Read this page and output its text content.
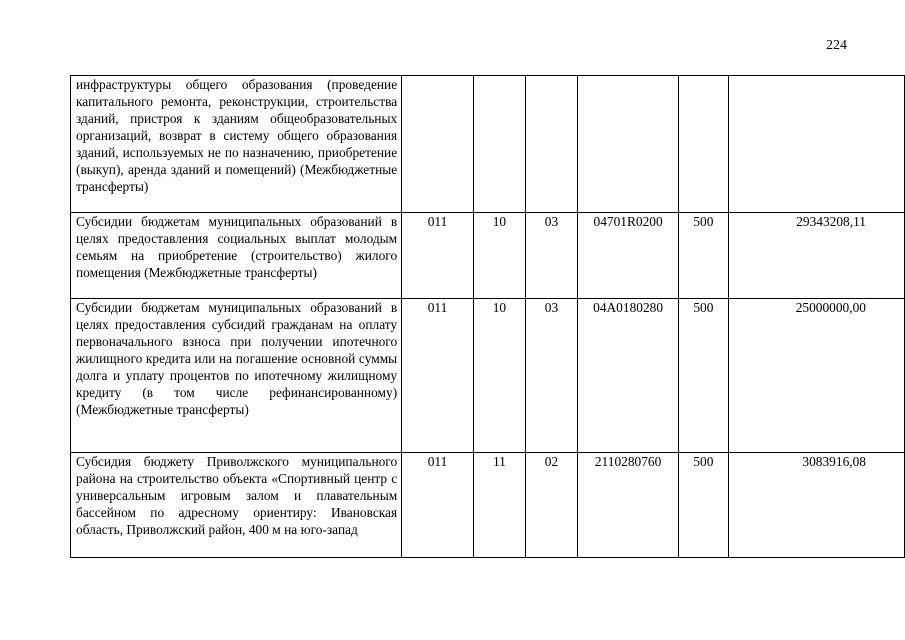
224
инфраструктуры общего образования (проведение капитального ремонта, реконструкции, строительства зданий, пристроя к зданиям общеобразовательных организаций, возврат в систему общего образования зданий, используемых не по назначению, приобретение (выкуп), аренда зданий и помещений) (Межбюджетные трансферты)						
Субсидии бюджетам муниципальных образований в целях предоставления социальных выплат молодым семьям на приобретение (строительство) жилого помещения (Межбюджетные трансферты)	011	10	03	04701R0200	500	29343208,11
Субсидии бюджетам муниципальных образований в целях предоставления субсидий гражданам на оплату первоначального взноса при получении ипотечного жилищного кредита или на погашение основной суммы долга и уплату процентов по ипотечному жилищному кредиту (в том числе рефинансированному) (Межбюджетные трансферты)	011	10	03	04А0180280	500	25000000,00
Субсидия бюджету Приволжского муниципального района на строительство объекта «Спортивный центр с универсальным игровым залом и плавательным бассейном по адресному ориентиру: Ивановская область, Приволжский район, 400 м на юго-запад	011	11	02	2110280760	500	3083916,08
